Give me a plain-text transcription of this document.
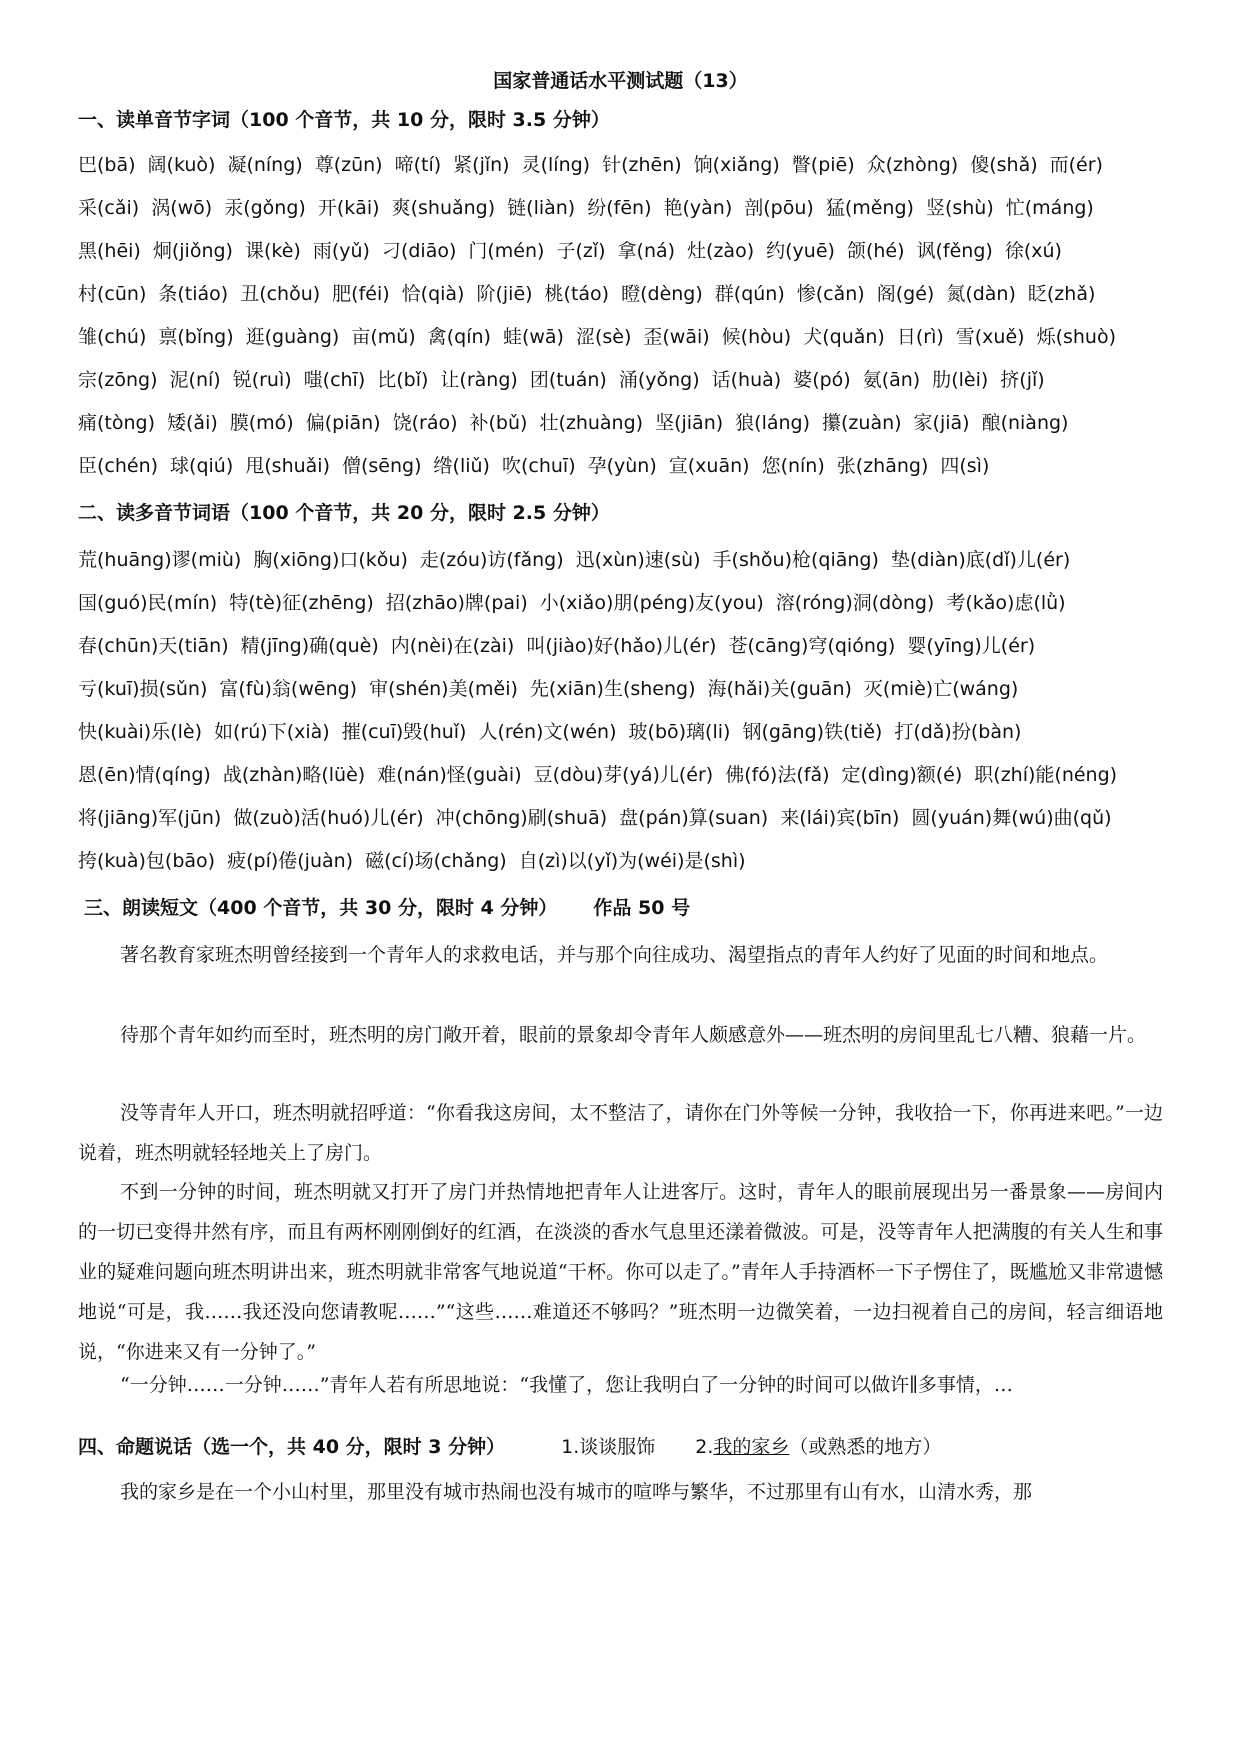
国家普通话水平测试题（13）
一、读单音节字词（100 个音节，共 10 分，限时 3.5 分钟）
巴(bā) 阔(kuò) 凝(níng) 尊(zūn) 啼(tí) 紧(jǐn) 灵(líng) 针(zhēn) 饷(xiǎng) 瞥(piē) 众(zhòng) 傻(shǎ) 而(ér)
采(cǎi) 涡(wō) 汞(gǒng) 开(kāi) 爽(shuǎng) 链(liàn) 纷(fēn) 艳(yàn) 剖(pōu) 猛(měng) 竖(shù) 忙(máng)
黑(hēi) 炯(jiǒng) 课(kè) 雨(yǔ) 刁(diāo) 门(mén) 子(zǐ) 拿(ná) 灶(zào) 约(yuē) 颌(hé) 讽(fěng) 徐(xú)
村(cūn) 条(tiáo) 丑(chǒu) 肥(féi) 恰(qià) 阶(jiē) 桃(táo) 瞪(dèng) 群(qún) 惨(cǎn) 阁(gé) 氮(dàn) 眨(zhǎ)
雏(chú) 禀(bǐng) 逛(guàng) 亩(mǔ) 禽(qín) 蛙(wā) 涩(sè) 歪(wāi) 候(hòu) 犬(quǎn) 日(rì) 雪(xuě) 烁(shuò)
宗(zōng) 泥(ní) 锐(ruì) 嗤(chī) 比(bǐ) 让(ràng) 团(tuán) 涌(yǒng) 话(huà) 婆(pó) 氨(ān) 肋(lèi) 挤(jǐ)
痛(tòng) 矮(ǎi) 膜(mó) 偏(piān) 饶(ráo) 补(bǔ) 壮(zhuàng) 坚(jiān) 狼(láng) 攥(zuàn) 家(jiā) 酿(niàng)
臣(chén) 球(qiú) 甩(shuǎi) 僧(sēng) 绺(liǔ) 吹(chuī) 孕(yùn) 宣(xuān) 您(nín) 张(zhāng) 四(sì)
二、读多音节词语（100 个音节，共 20 分，限时 2.5 分钟）
荒(huāng)谬(miù) 胸(xiōng)口(kǒu) 走(zóu)访(fǎng) 迅(xùn)速(sù) 手(shǒu)枪(qiāng) 垫(diàn)底(dǐ)儿(ér)
国(guó)民(mín) 特(tè)征(zhēng) 招(zhāo)牌(pai) 小(xiǎo)朋(péng)友(you) 溶(róng)洞(dòng) 考(kǎo)虑(lǜ)
春(chūn)天(tiān) 精(jīng)确(què) 内(nèi)在(zài) 叫(jiào)好(hǎo)儿(ér) 苍(cāng)穹(qióng) 婴(yīng)儿(ér)
亏(kuī)损(sǔn) 富(fù)翁(wēng) 审(shén)美(měi) 先(xiān)生(sheng) 海(hǎi)关(guān) 灭(miè)亡(wáng)
快(kuài)乐(lè) 如(rú)下(xià) 摧(cuī)毁(huǐ) 人(rén)文(wén) 玻(bō)璃(li) 钢(gāng)铁(tiě) 打(dǎ)扮(bàn)
恩(ēn)情(qíng) 战(zhàn)略(lüè) 难(nán)怪(guài) 豆(dòu)芽(yá)儿(ér) 佛(fó)法(fǎ) 定(dìng)额(é) 职(zhí)能(néng)
将(jiāng)军(jūn) 做(zuò)活(huó)儿(ér) 冲(chōng)刷(shuā) 盘(pán)算(suan) 来(lái)宾(bīn) 圆(yuán)舞(wú)曲(qǔ)
挎(kuà)包(bāo) 疲(pí)倦(juàn) 磁(cí)场(chǎng) 自(zì)以(yǐ)为(wéi)是(shì)
三、朗读短文（400 个音节，共 30 分，限时 4 分钟） 作品 50 号
著名教育家班杰明曾经接到一个青年人的求救电话，并与那个向往成功、渴望指点的青年人约好了见面的时间和地点。
待那个青年如约而至时，班杰明的房门敞开着，眼前的景象却令青年人颇感意外——班杰明的房间里乱七八糟、狼藉一片。
没等青年人开口，班杰明就招呼道：“你看我这房间，太不整洁了，请你在门外等候一分钟，我收拾一下，你再进来吧。”一边说着，班杰明就轻轻地关上了房门。
不到一分钟的时间，班杰明就又打开了房门并热情地把青年人让进客厅。这时，青年人的眼前展现出另一番景象——房间内的一切已变得井然有序，而且有两杯刚刚倒好的红酒，在淡淡的香水气息里还漾着微波。可是，没等青年人把满腹的有关人生和事业的疑难问题向班杰明讲出来，班杰明就非常客气地说道“干杯。你可以走了。”青年人手持酒杯一下子愣住了，既尴尬又非常遗憾地说“可是，我……我还没向您请教呢……”“这些……难道还不够吗？”班杰明一边微笑着，一边扫视着自己的房间，轻言细语地说，“你进来又有一分钟了。”
“一分钟……一分钟……”青年人若有所思地说：“我懂了，您让我明白了一分钟的时间可以做许∥多事情，…
四、命题说话（选一个，共 40 分，限时 3 分钟）	1.谈谈服饰 2.我的家乡（或熟悉的地方）
我的家乡是在一个小山村里，那里没有城市热闹也没有城市的喧哗与繁华，不过那里有山有水，山清水秀，那
